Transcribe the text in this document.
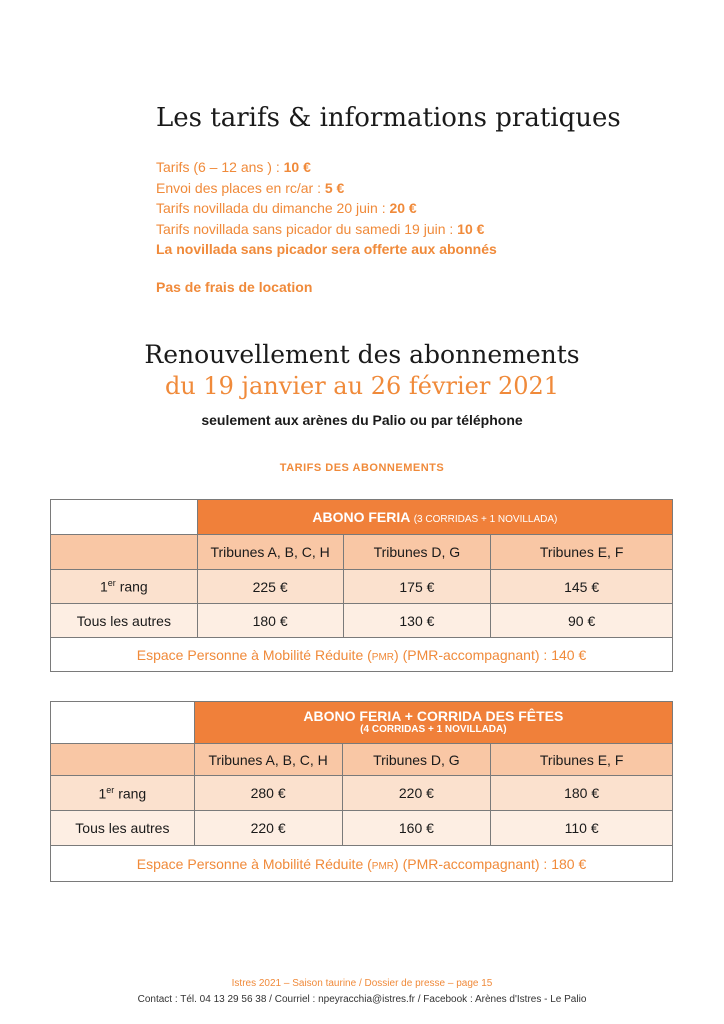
Les tarifs & informations pratiques
Tarifs (6 – 12 ans ) : 10 €
Envoi des places en rc/ar : 5 €
Tarifs novillada du dimanche 20 juin : 20 €
Tarifs novillada sans picador du samedi 19 juin : 10 €
La novillada sans picador sera offerte aux abonnés
Pas de frais de location
Renouvellement des abonnements
du 19 janvier au 26 février 2021
seulement aux arènes du Palio ou par téléphone
TARIFS DES ABONNEMENTS
	ABONO FERIA (3 CORRIDAS + 1 NOVILLADA)		
	Tribunes A, B, C, H	Tribunes D, G	Tribunes E, F
1er rang	225 €	175 €	145 €
Tous les autres	180 €	130 €	90 €
Espace Personne à Mobilité Réduite (PMR) (PMR-accompagnant) : 140 €			

	ABONO FERIA + CORRIDA DES FÊTES
(4 CORRIDAS + 1 NOVILLADA)		

	Tribunes A, B, C, H	Tribunes D, G	Tribunes E, F
1er rang	280 €	220 €	180 €
Tous les autres	220 €	160 €	110 €
Espace Personne à Mobilité Réduite (PMR) (PMR-accompagnant) : 180 €			
Istres 2021 – Saison taurine / Dossier de presse – page 15
Contact : Tél. 04 13 29 56 38 / Courriel : npeyracchia@istres.fr / Facebook : Arènes d'Istres - Le Palio
